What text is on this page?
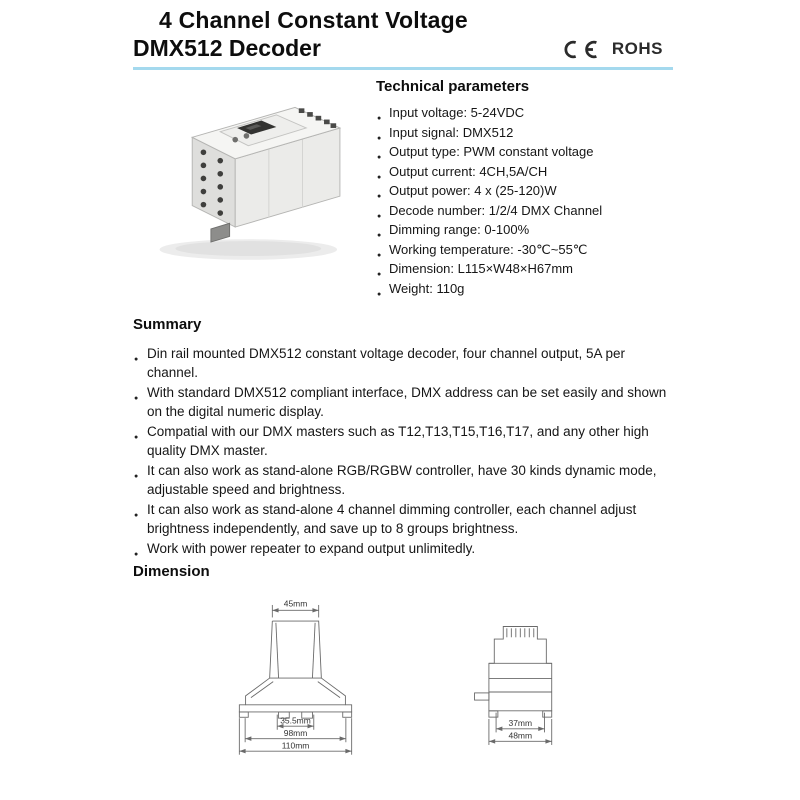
4 Channel Constant Voltage
DMX512 Decoder	ROHS
Technical parameters
● Input voltage: 5-24VDC
● Input signal: DMX512
● Output type: PWM constant voltage
● Output current: 4CH,5A/CH
● Output power: 4 x (25-120)W
● Decode number: 1/2/4 DMX Channel
● Dimming range: 0-100%
● Working temperature: -30℃~55℃
● Dimension: L115×W48×H67mm
● Weight: 110g
Summary
● Din rail mounted DMX512 constant voltage decoder, four channel output, 5A per channel.
● With standard DMX512 compliant interface, DMX address can be set easily and shown on the digital numeric display.
● Compatial with our DMX masters such as T12,T13,T15,T16,T17, and any other high quality DMX master.
● It can also work as stand-alone RGB/RGBW controller, have 30 kinds dynamic mode, adjustable speed and brightness.
● It can also work as stand-alone 4 channel dimming controller, each channel adjust brightness independently, and save up to 8 groups brightness.
● Work with power repeater to expand output unlimitedly.
Dimension
45mm
35.5mm
98mm
110mm
37mm
48mm
